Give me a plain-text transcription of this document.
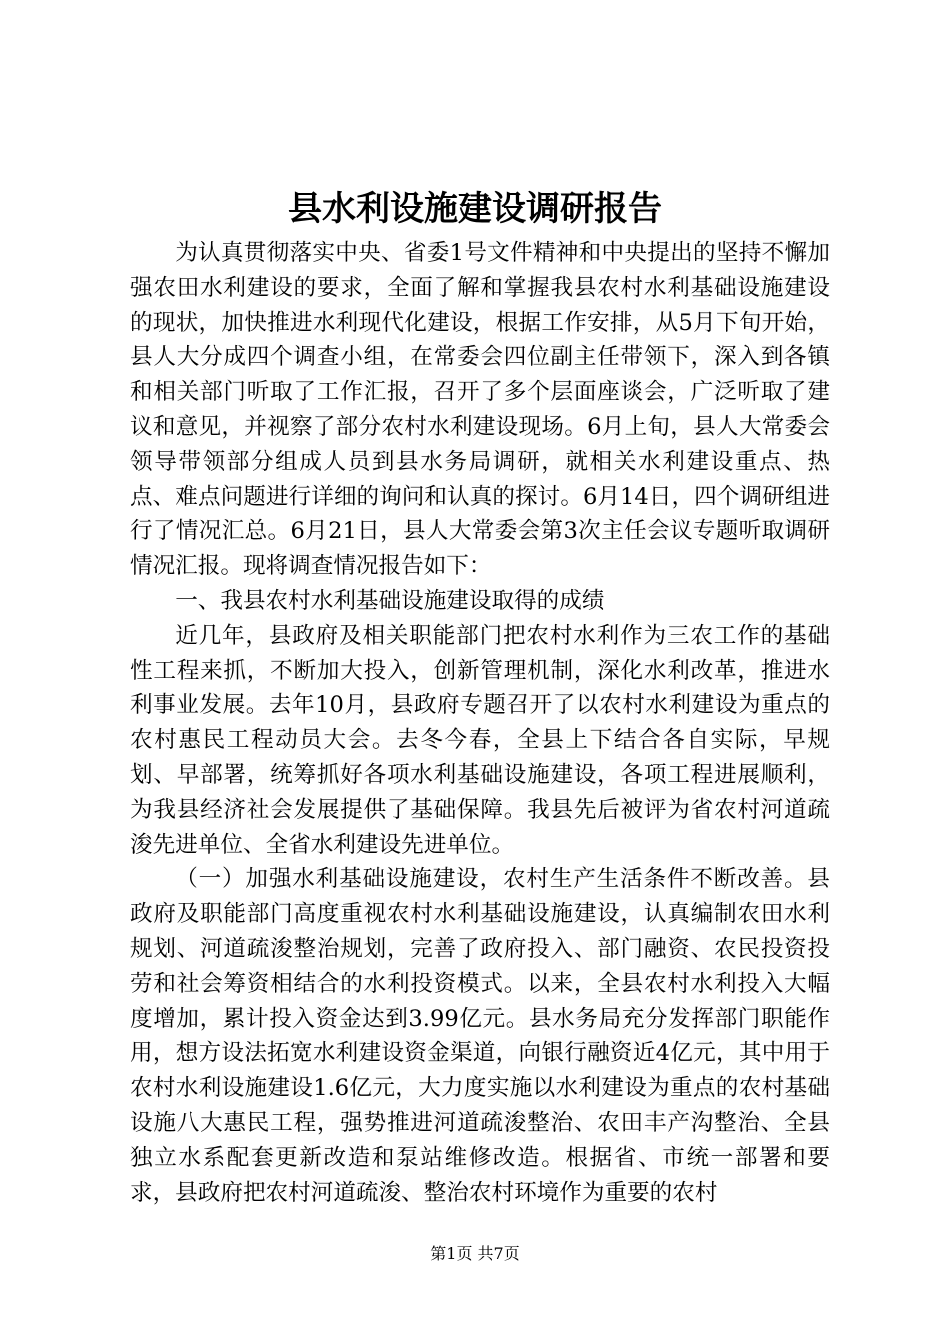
县水利设施建设调研报告

为认真贯彻落实中央、省委1号文件精神和中央提出的坚持不懈加强农田水利建设的要求，全面了解和掌握我县农村水利基础设施建设的现状，加快推进水利现代化建设，根据工作安排，从5月下旬开始，县人大分成四个调查小组，在常委会四位副主任带领下，深入到各镇和相关部门听取了工作汇报，召开了多个层面座谈会，广泛听取了建议和意见，并视察了部分农村水利建设现场。6月上旬，县人大常委会领导带领部分组成人员到县水务局调研，就相关水利建设重点、热点、难点问题进行详细的询问和认真的探讨。6月14日，四个调研组进行了情况汇总。6月21日，县人大常委会第3次主任会议专题听取调研情况汇报。现将调查情况报告如下：

一、我县农村水利基础设施建设取得的成绩

近几年，县政府及相关职能部门把农村水利作为三农工作的基础性工程来抓，不断加大投入，创新管理机制，深化水利改革，推进水利事业发展。去年10月，县政府专题召开了以农村水利建设为重点的农村惠民工程动员大会。去冬今春，全县上下结合各自实际，早规划、早部署，统筹抓好各项水利基础设施建设，各项工程进展顺利，为我县经济社会发展提供了基础保障。我县先后被评为省农村河道疏浚先进单位、全省水利建设先进单位。

（一）加强水利基础设施建设，农村生产生活条件不断改善。县政府及职能部门高度重视农村水利基础设施建设，认真编制农田水利规划、河道疏浚整治规划，完善了政府投入、部门融资、农民投资投劳和社会筹资相结合的水利投资模式。以来，全县农村水利投入大幅度增加，累计投入资金达到3.99亿元。县水务局充分发挥部门职能作用，想方设法拓宽水利建设资金渠道，向银行融资近4亿元，其中用于农村水利设施建设1.6亿元，大力度实施以水利建设为重点的农村基础设施八大惠民工程，强势推进河道疏浚整治、农田丰产沟整治、全县独立水系配套更新改造和泵站维修改造。根据省、市统一部署和要求，县政府把农村河道疏浚、整治农村环境作为重要的农村

第1页 共7页
